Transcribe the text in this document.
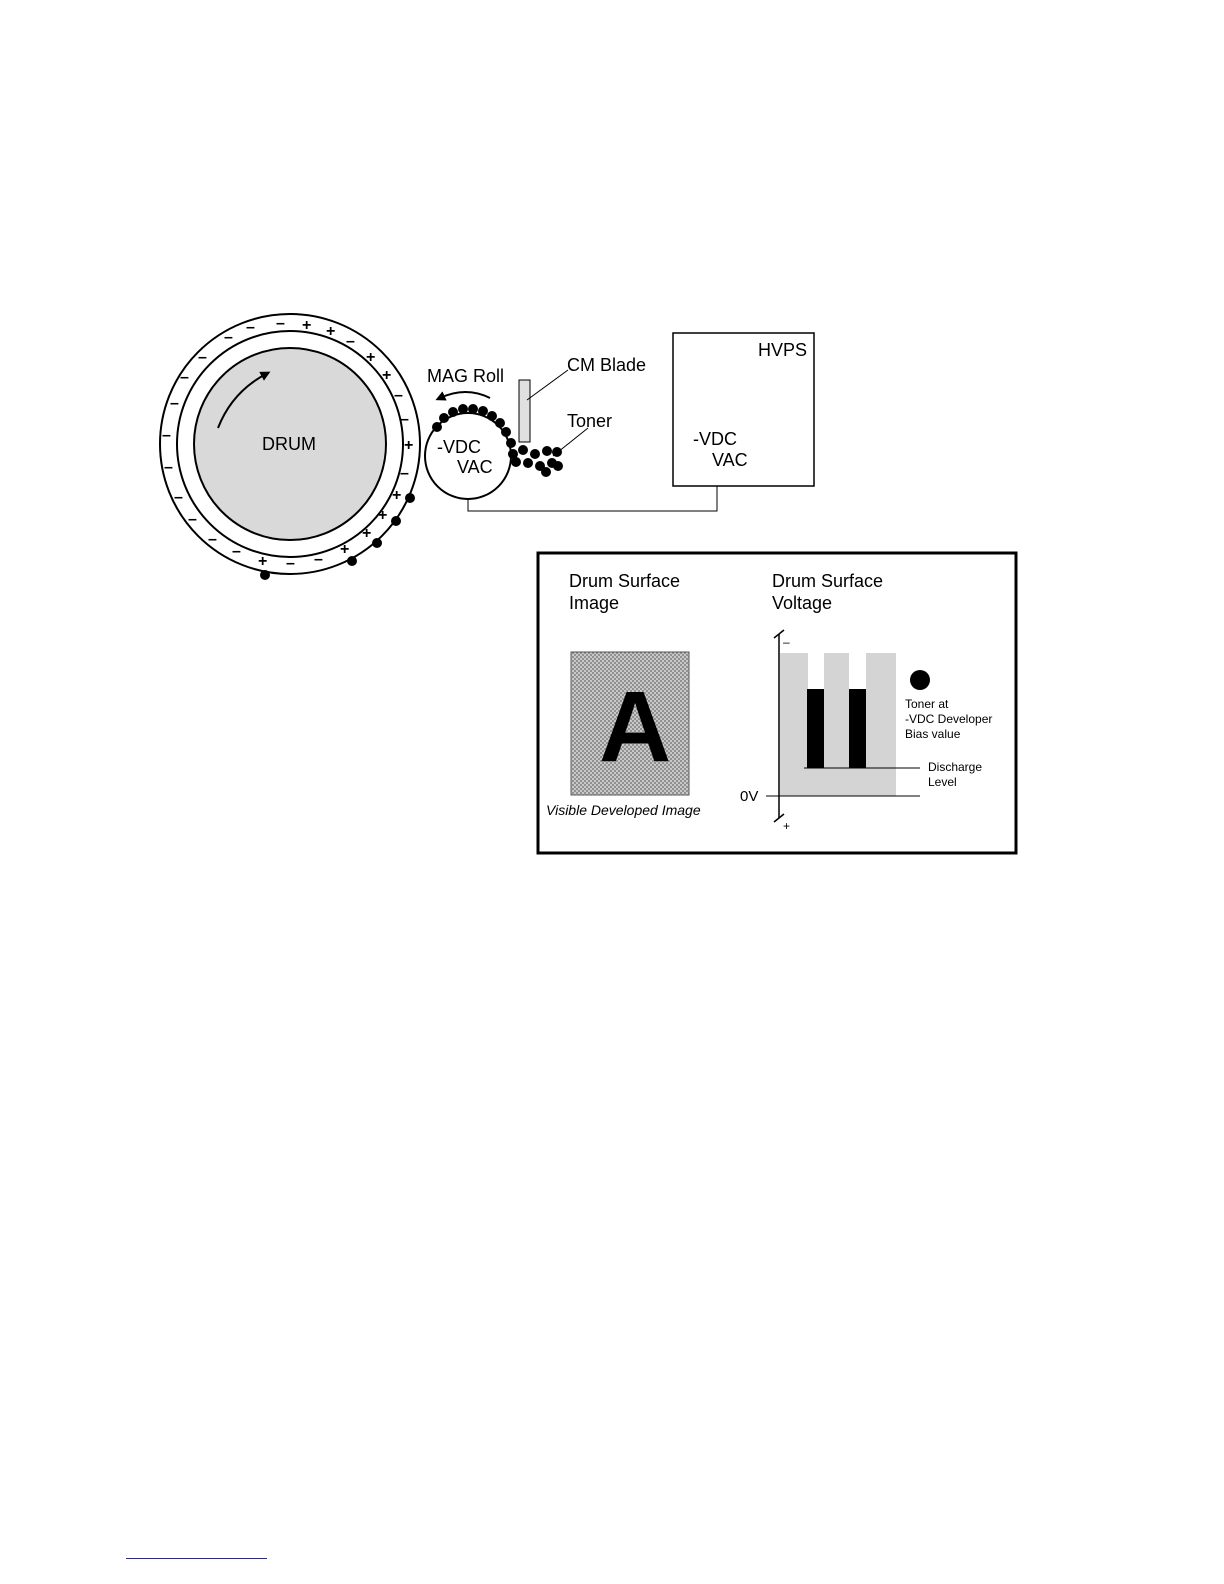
DRUM
– – + +
–
–
–
+
–	+
–	–
–
–
+
–	–
–	+
–	+
–	+
–	+
+ – –
-VDC
VAC
MAG Roll
CM Blade
Toner
HVPS
-VDC
VAC
Drum Surface
Image
A
Visible Developed Image
Drum Surface
Voltage
–
+
0V
Toner at
-VDC Developer
Bias value
Discharge
Level
